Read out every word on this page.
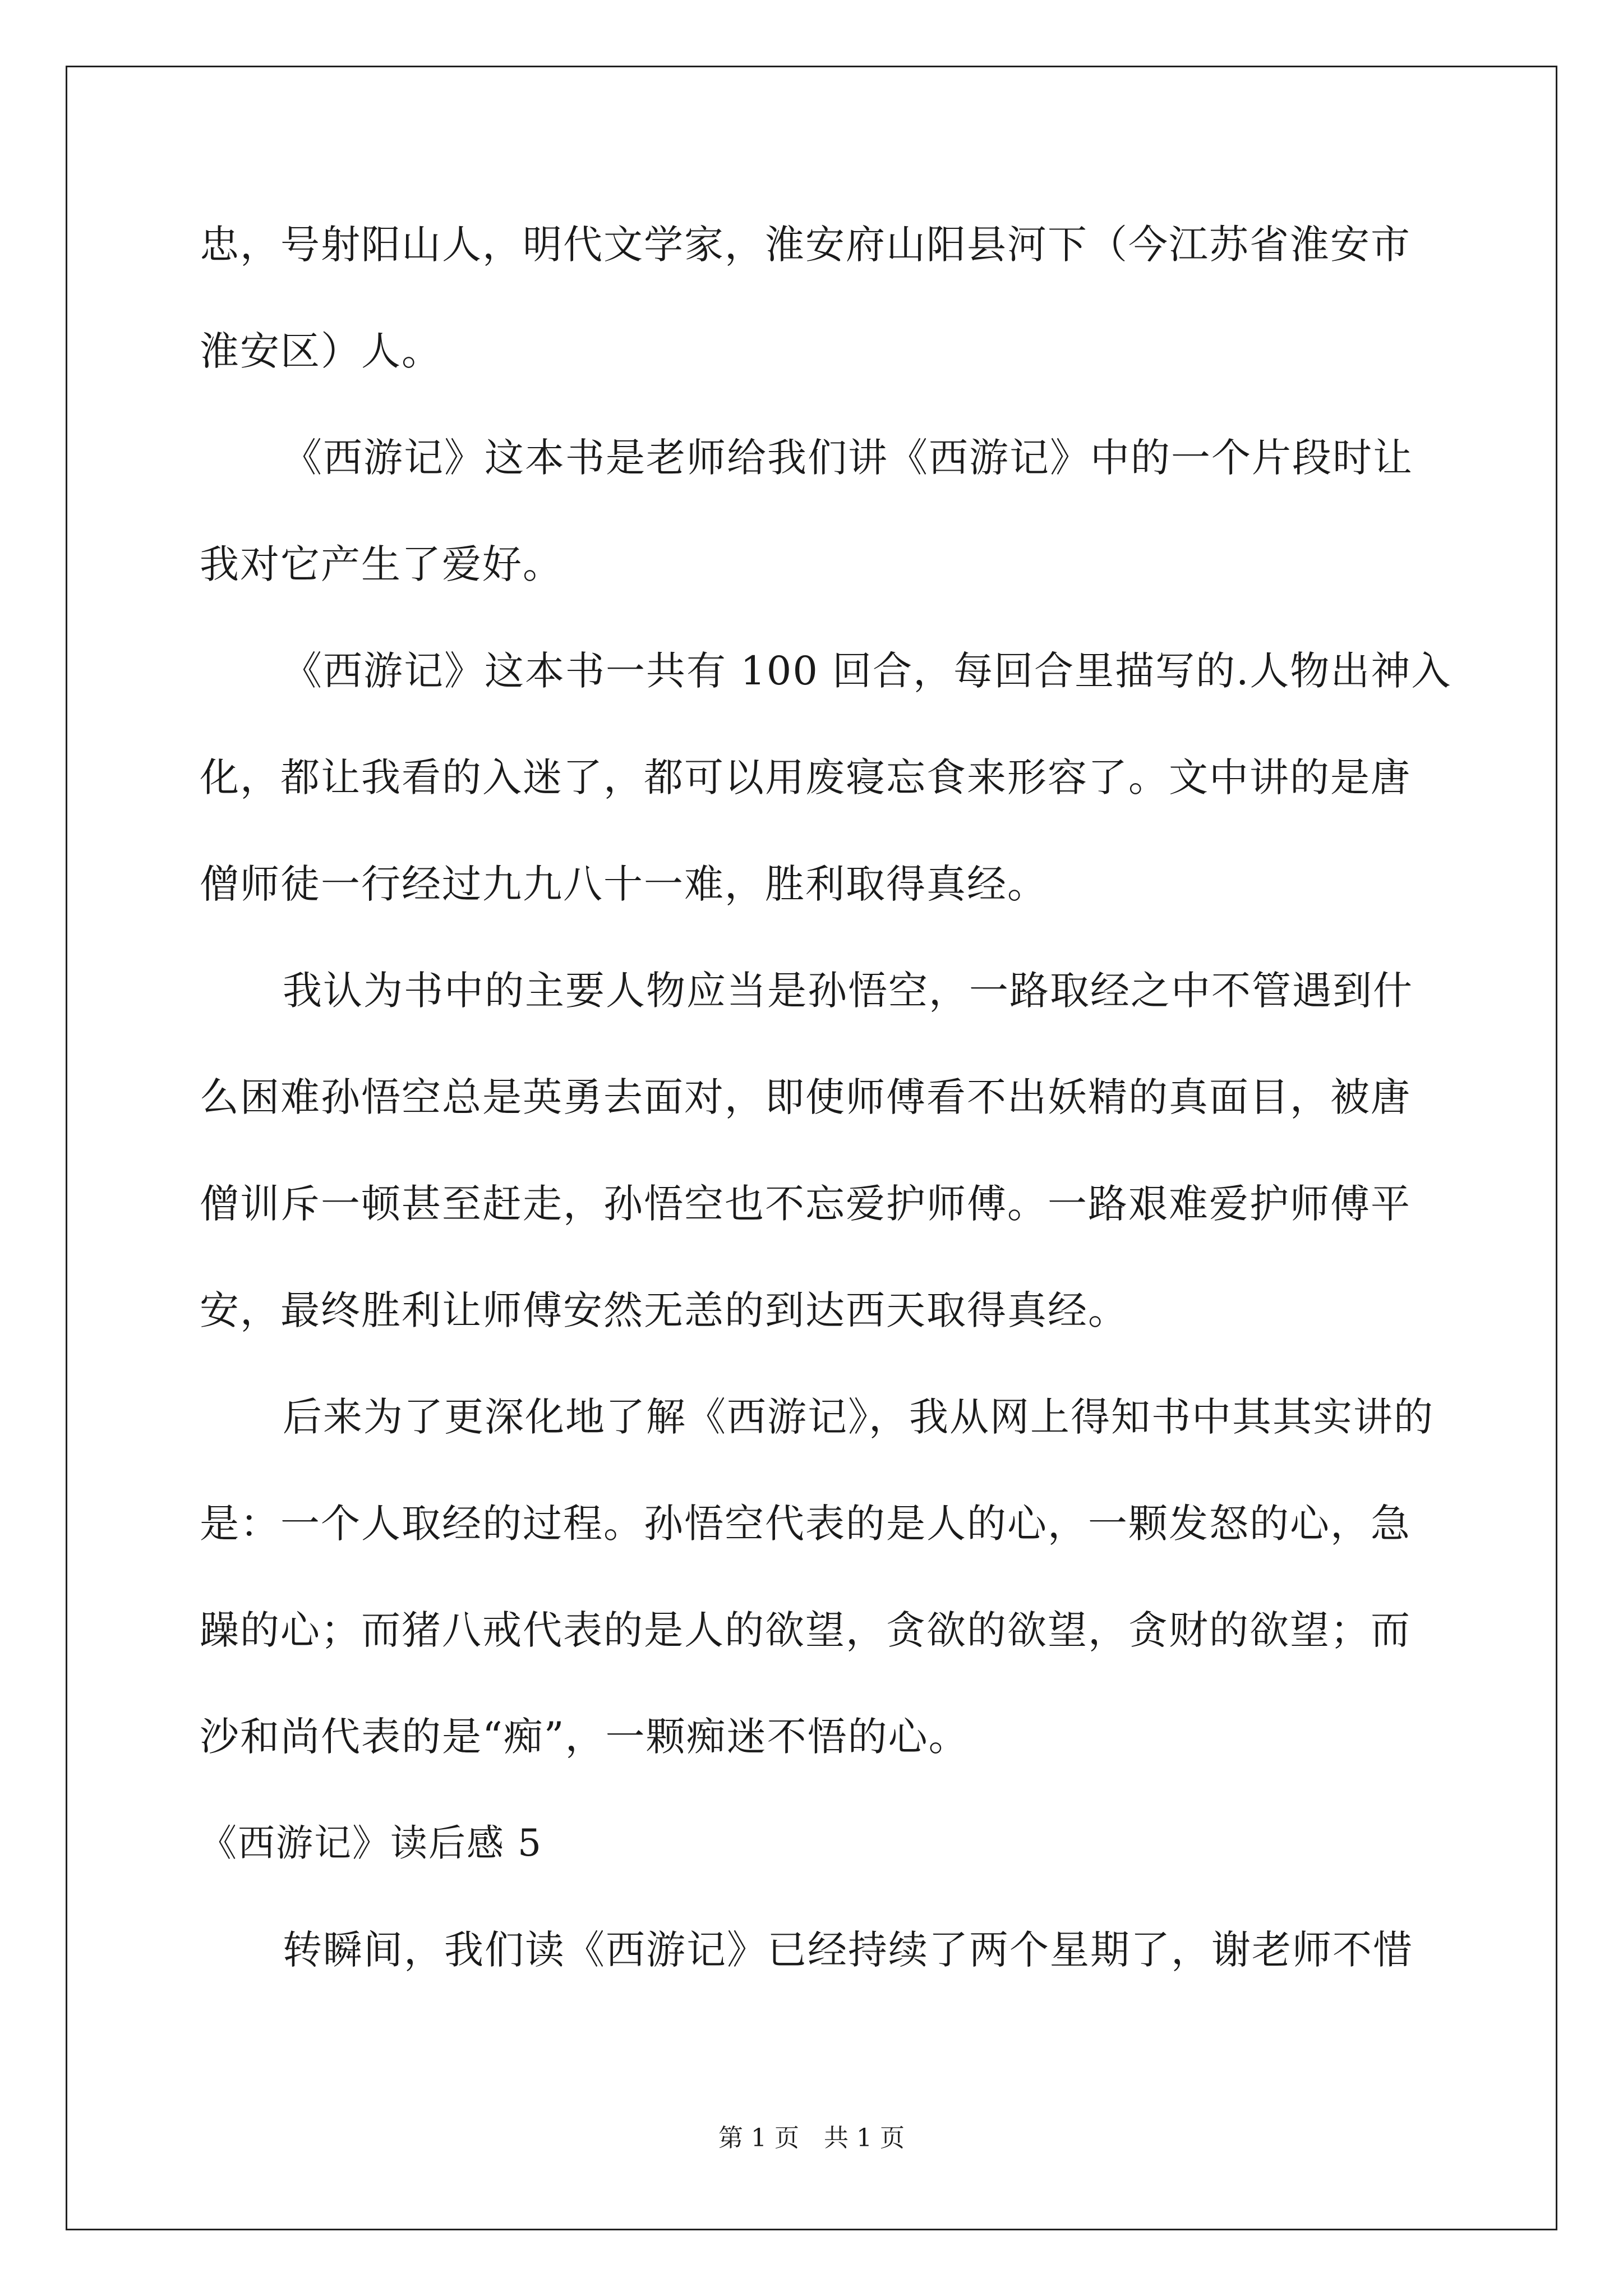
忠，号射阳山人，明代文学家，淮安府山阳县河下（今江苏省淮安市
淮安区）人。
《西游记》这本书是老师给我们讲《西游记》中的一个片段时让
我对它产生了爱好。
《西游记》这本书一共有 100 回合，每回合里描写的.人物出神入
化，都让我看的入迷了，都可以用废寝忘食来形容了。文中讲的是唐
僧师徒一行经过九九八十一难，胜利取得真经。
我认为书中的主要人物应当是孙悟空，一路取经之中不管遇到什
么困难孙悟空总是英勇去面对，即使师傅看不出妖精的真面目，被唐
僧训斥一顿甚至赶走，孙悟空也不忘爱护师傅。一路艰难爱护师傅平
安，最终胜利让师傅安然无恙的到达西天取得真经。
后来为了更深化地了解《西游记》，我从网上得知书中其其实讲的
是：一个人取经的过程。孙悟空代表的是人的心，一颗发怒的心，急
躁的心；而猪八戒代表的是人的欲望，贪欲的欲望，贪财的欲望；而
沙和尚代表的是“痴”，一颗痴迷不悟的心。
《西游记》读后感 5
转瞬间，我们读《西游记》已经持续了两个星期了，谢老师不惜
第 1 页　共 1 页
